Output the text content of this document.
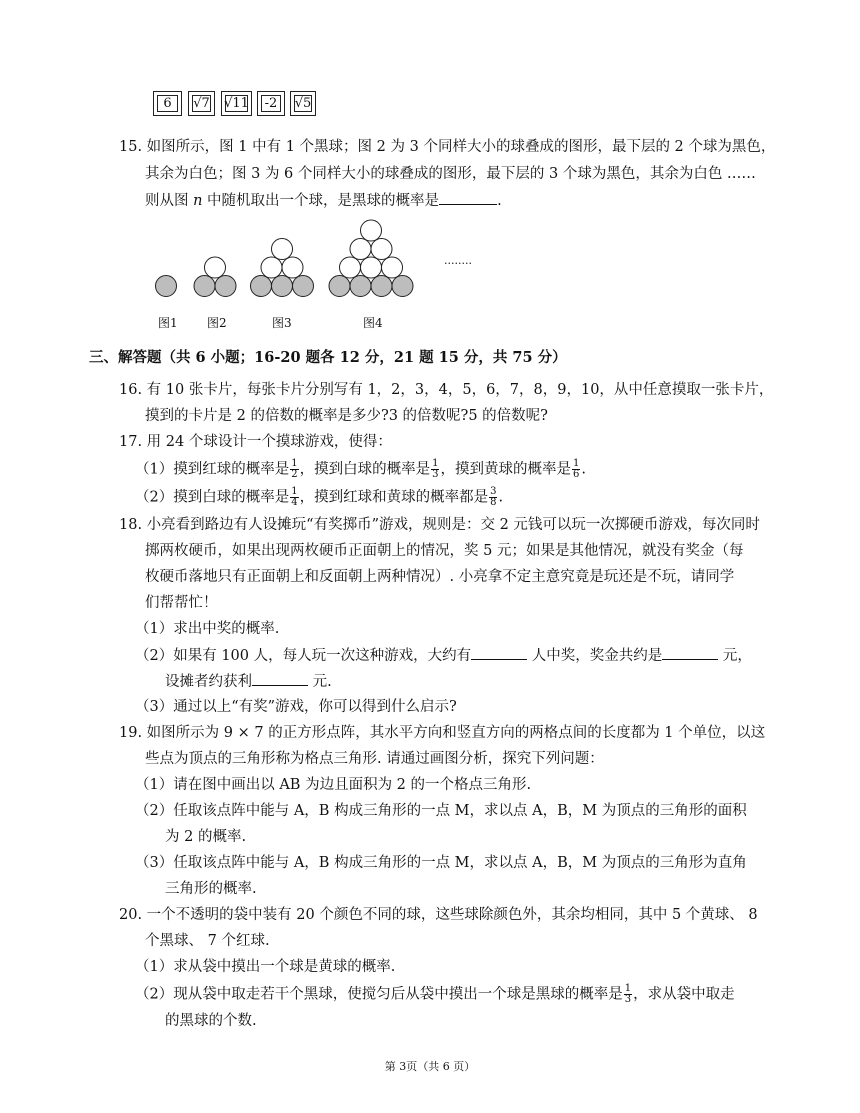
6	√7 √11 -2 √5
15. 如图所示，图 1 中有 1 个黑球；图 2 为 3 个同样大小的球叠成的图形，最下层的 2 个球为黑色，
其余为白色；图 3 为 6 个同样大小的球叠成的图形，最下层的 3 个球为黑色，其余为白色 ……
则从图 n 中随机取出一个球，是黑球的概率是	.
图1 图2	图3	图4
........
三、解答题（共 6 小题；16-20 题各 12 分，21 题 15 分，共 75 分）
16. 有 10 张卡片，每张卡片分别写有 1，2，3，4，5，6，7，8，9，10，从中任意摸取一张卡片，
摸到的卡片是 2 的倍数的概率是多少?3 的倍数呢?5 的倍数呢?
17. 用 24 个球设计一个摸球游戏，使得：
（1）摸到红球的概率是 $\frac{1}{2}$ ，摸到白球的概率是 $\frac{1}{3}$ ，摸到黄球的概率是 $\frac{1}{6}$ .
（2）摸到白球的概率是 $\frac{1}{4}$ ，摸到红球和黄球的概率都是 $\frac{3}{8}$ .
18. 小亮看到路边有人设摊玩“有奖掷币”游戏，规则是：交 2 元钱可以玩一次掷硬币游戏，每次同时
掷两枚硬币，如果出现两枚硬币正面朝上的情况，奖 5 元；如果是其他情况，就没有奖金（每
枚硬币落地只有正面朝上和反面朝上两种情况）. 小亮拿不定主意究竟是玩还是不玩，请同学
们帮帮忙！
（1）求出中奖的概率.
（2）如果有 100 人，每人玩一次这种游戏，大约有	人中奖，奖金共约是	元，
设摊者约获利	元.
（3）通过以上“有奖”游戏，你可以得到什么启示?
19. 如图所示为 9 × 7 的正方形点阵，其水平方向和竖直方向的两格点间的长度都为 1 个单位，以这
些点为顶点的三角形称为格点三角形. 请通过画图分析，探究下列问题：
（1）请在图中画出以 AB 为边且面积为 2 的一个格点三角形.
（2）任取该点阵中能与 A，B 构成三角形的一点 M，求以点 A，B，M 为顶点的三角形的面积
为 2 的概率.
（3）任取该点阵中能与 A，B 构成三角形的一点 M，求以点 A，B，M 为顶点的三角形为直角
三角形的概率.
20. 一个不透明的袋中装有 20 个颜色不同的球，这些球除颜色外，其余均相同，其中 5 个黄球、 8
个黑球、 7 个红球.
（1）求从袋中摸出一个球是黄球的概率.
（2）现从袋中取走若干个黑球，使搅匀后从袋中摸出一个球是黑球的概率是 $\frac{1}{3}$ ，求从袋中取走
的黑球的个数.
第 3页（共 6 页）
